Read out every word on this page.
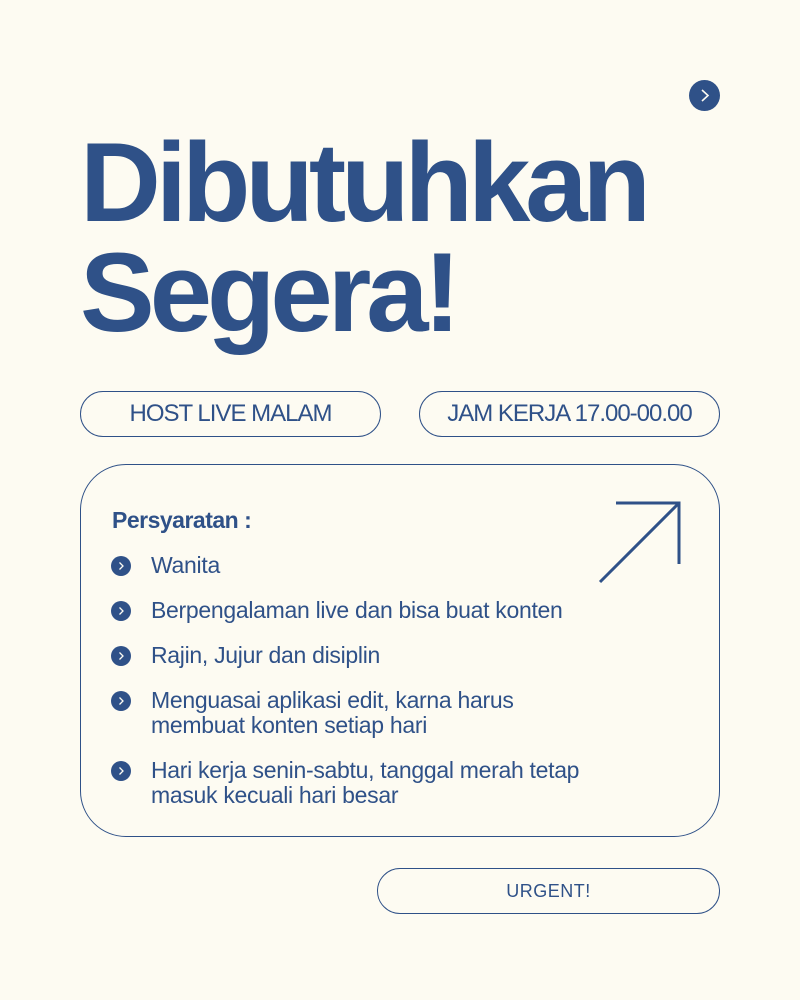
Dibutuhkan
Segera!
HOST LIVE MALAM	JAM KERJA 17.00-00.00
Persyaratan :
Wanita
Berpengalaman live dan bisa buat konten
Rajin, Jujur dan disiplin
Menguasai aplikasi edit, karna harus
membuat konten setiap hari
Hari kerja senin-sabtu, tanggal merah tetap
masuk kecuali hari besar
URGENT!
